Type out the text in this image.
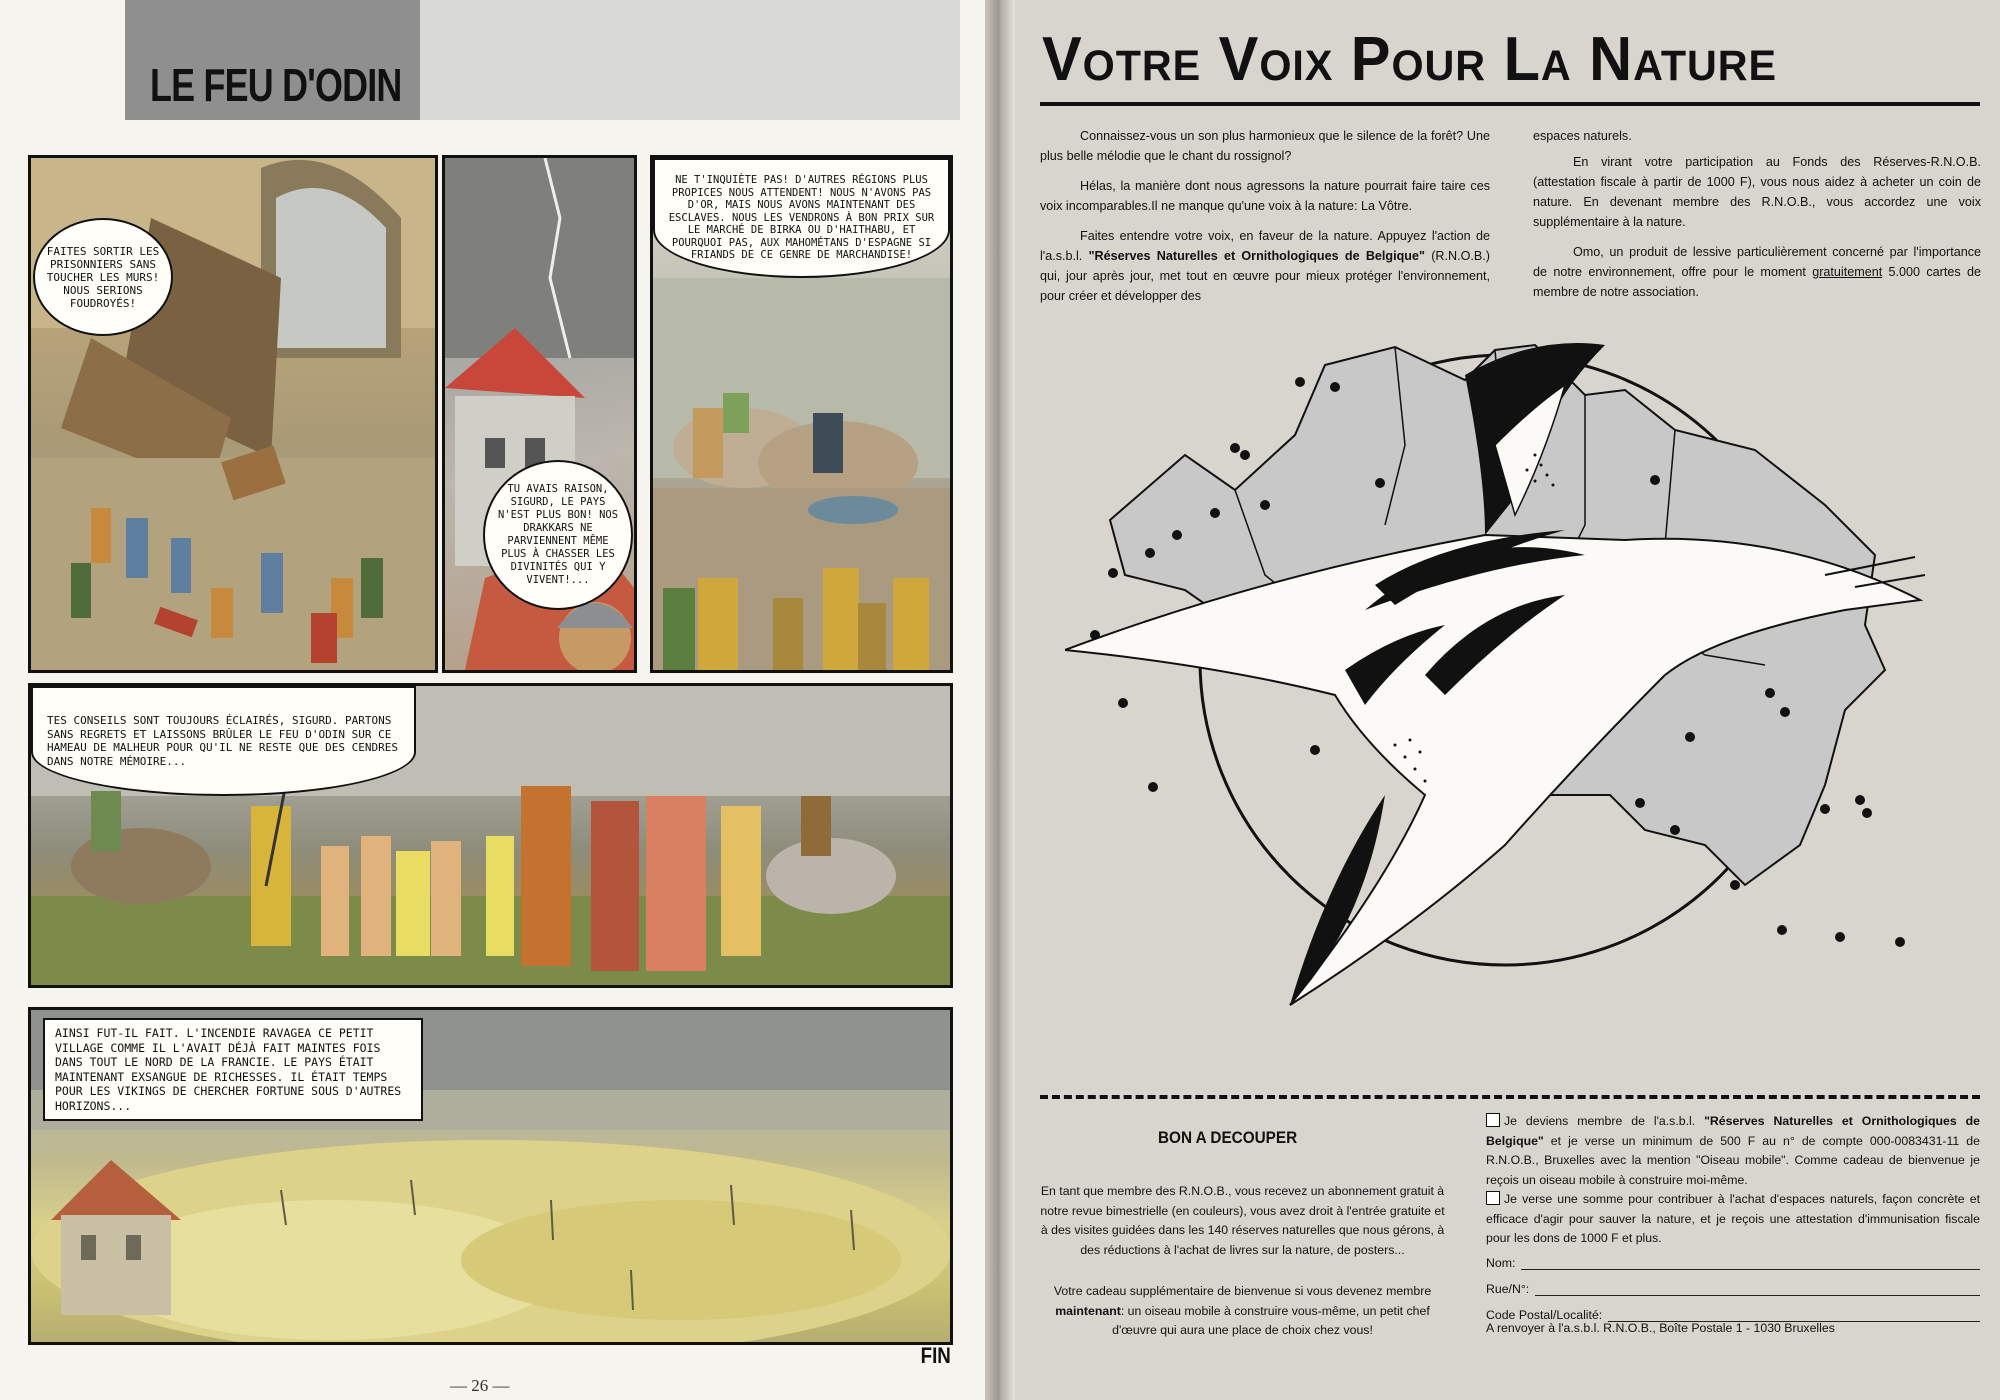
LE FEU D'ODIN
FAITES SORTIR LES PRISONNIERS SANS TOUCHER LES MURS! NOUS SERIONS FOUDROYÉS!
TU AVAIS RAISON, SIGURD, LE PAYS N'EST PLUS BON! NOS DRAKKARS NE PARVIENNENT MÊME PLUS À CHASSER LES DIVINITÉS QUI Y VIVENT!...
NE T'INQUIÈTE PAS! D'AUTRES RÉGIONS PLUS PROPICES NOUS ATTENDENT! NOUS N'AVONS PAS D'OR, MAIS NOUS AVONS MAINTENANT DES ESCLAVES. NOUS LES VENDRONS À BON PRIX SUR LE MARCHÉ DE BIRKA OU D'HAITHABU, ET POURQUOI PAS, AUX MAHOMÉTANS D'ESPAGNE SI FRIANDS DE CE GENRE DE MARCHANDISE!
TES CONSEILS SONT TOUJOURS ÉCLAIRÉS, SIGURD. PARTONS SANS REGRETS ET LAISSONS BRÛLER LE FEU D'ODIN SUR CE HAMEAU DE MALHEUR POUR QU'IL NE RESTE QUE DES CENDRES DANS NOTRE MÉMOIRE...
AINSI FUT-IL FAIT. L'INCENDIE RAVAGEA CE PETIT VILLAGE COMME IL L'AVAIT DÉJÀ FAIT MAINTES FOIS DANS TOUT LE NORD DE LA FRANCIE. LE PAYS ÉTAIT MAINTENANT EXSANGUE DE RICHESSES. IL ÉTAIT TEMPS POUR LES VIKINGS DE CHERCHER FORTUNE SOUS D'AUTRES HORIZONS...
FIN
— 26 —
Votre Voix Pour La Nature

Connaissez-vous un son plus harmonieux que le silence de la forêt? Une plus belle mélodie que le chant du rossignol?

Hélas, la manière dont nous agressons la nature pourrait faire taire ces voix incomparables.Il ne manque qu'une voix à la nature: La Vôtre.

Faites entendre votre voix, en faveur de la nature. Appuyez l'action de l'a.s.b.l. "Réserves Naturelles et Ornithologiques de Belgique" (R.N.O.B.) qui, jour après jour, met tout en œuvre pour mieux protéger l'environnement, pour créer et développer des

espaces naturels.

En virant votre participation au Fonds des Réserves-R.N.O.B. (attestation fiscale à partir de 1000 F), vous nous aidez à acheter un coin de nature. En devenant membre des R.N.O.B., vous accordez une voix supplémentaire à la nature.

Omo, un produit de lessive particulièrement concerné par l'importance de notre environnement, offre pour le moment gratuitement 5.000 cartes de membre de notre association.

BON A DECOUPER

En tant que membre des R.N.O.B., vous recevez un abonnement gratuit à notre revue bimestrielle (en couleurs), vous avez droit à l'entrée gratuite et à des visites guidées dans les 140 réserves naturelles que nous gérons, à des réductions à l'achat de livres sur la nature, de posters...

Votre cadeau supplémentaire de bienvenue si vous devenez membre maintenant: un oiseau mobile à construire vous-même, un petit chef d'œuvre qui aura une place de choix chez vous!

Je deviens membre de l'a.s.b.l. "Réserves Naturelles et Ornithologiques de Belgique" et je verse un minimum de 500 F au n° de compte 000-0083431-11 de R.N.O.B., Bruxelles avec la mention "Oiseau mobile". Comme cadeau de bienvenue je reçois un oiseau mobile à construire moi-même.
Je verse une somme pour contribuer à l'achat d'espaces naturels, façon concrète et efficace d'agir pour sauver la nature, et je reçois une attestation d'immunisation fiscale pour les dons de 1000 F et plus.
Nom:
Rue/N°:
Code Postal/Localité:
A renvoyer à l'a.s.b.l. R.N.O.B., Boîte Postale 1 - 1030 Bruxelles
